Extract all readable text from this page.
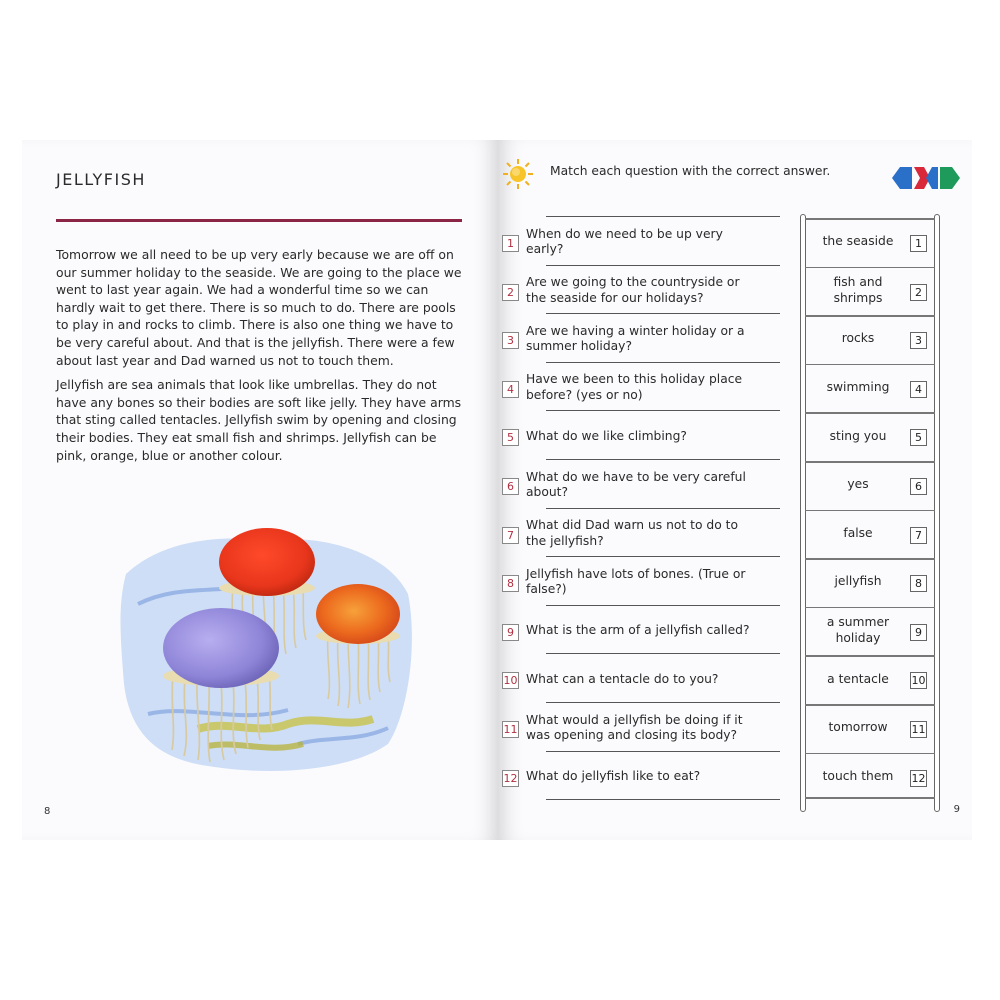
JELLYFISH

Tomorrow we all need to be up very early because we are off on our summer holiday to the seaside. We are going to the place we went to last year again. We had a wonderful time so we can hardly wait to get there. There is so much to do. There are pools to play in and rocks to climb. There is also one thing we have to be very careful about. And that is the jellyfish. There were a few about last year and Dad warned us not to touch them.

Jellyfish are sea animals that look like umbrellas. They do not have any bones so their bodies are soft like jelly. They have arms that sting called tentacles. Jellyfish swim by opening and closing their bodies. They eat small fish and shrimps. Jellyfish can be pink, orange, blue or another colour.

8
Match each question with the correct answer.
1
When do we need to be up very early?
2
Are we going to the countryside or the seaside for our holidays?
3
Are we having a winter holiday or a summer holiday?
4
Have we been to this holiday place before? (yes or no)
5 What do we like climbing?
6
What do we have to be very careful about?
7
What did Dad warn us not to do to the jellyfish?
8
Jellyfish have lots of bones. (True or false?)
9 What is the arm of a jellyfish called?
10 What can a tentacle do to you?
11
What would a jellyfish be doing if it was opening and closing its body?
12 What do jellyfish like to eat?
the seaside	1
fish and shrimps	2
rocks	3
swimming	4
sting you	5
yes	6
false	7
jellyfish	8
a summer holiday	9
a tentacle	10
tomorrow	11
touch them	12
9
